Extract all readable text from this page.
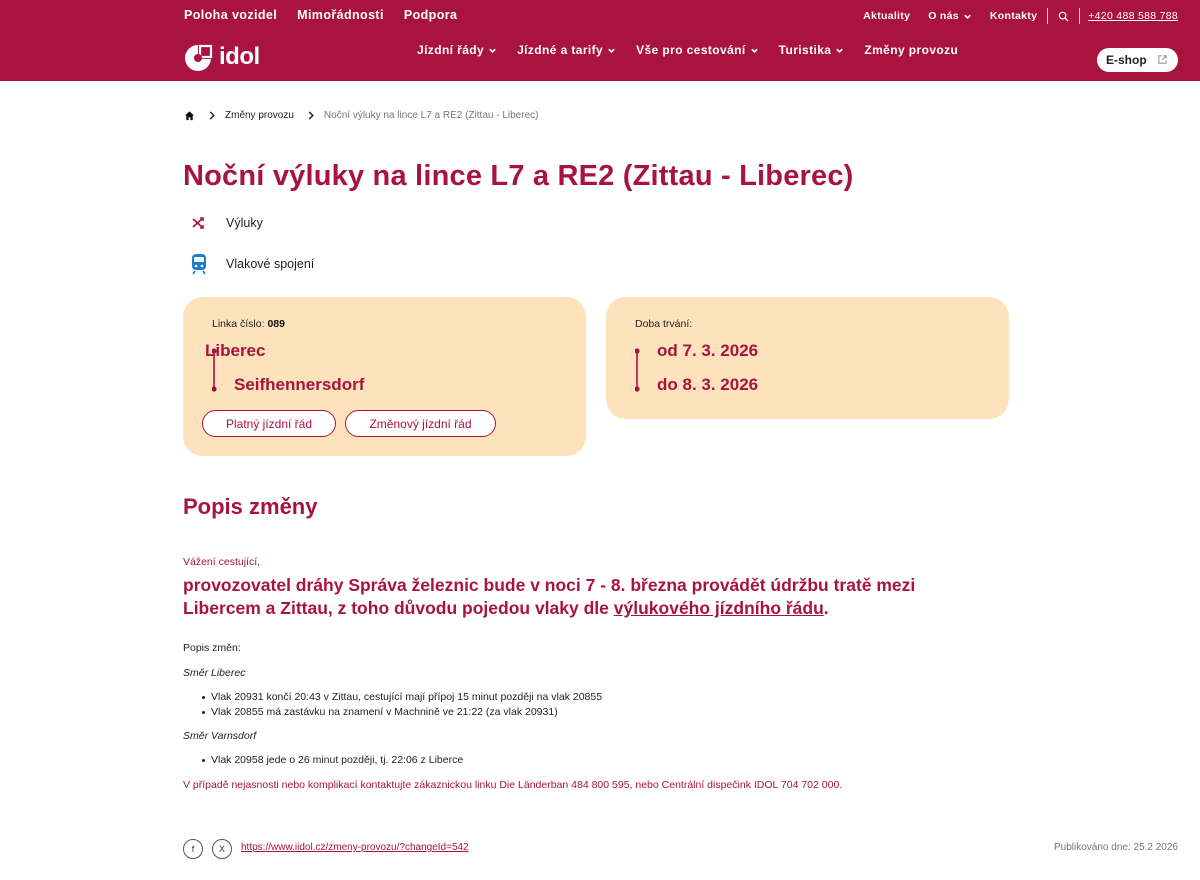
Poloha vozidel Mimořádnosti Podpora	Aktuality O nás	Kontakty	+420 488 588 788
idol	Jízdní řády	Jízdné a tarify	Vše pro cestování	Turistika	Změny provozu
E-shop
Změny provozu	Noční výluky na lince L7 a RE2 (Zittau - Liberec)
Noční výluky na lince L7 a RE2 (Zittau - Liberec)
Výluky
Vlakové spojení
Linka číslo: 089
Liberec
Seifhennersdorf
Platný jízdní řád	Změnový jízdní řád
Doba trvání:
od 7. 3. 2026
do 8. 3. 2026
Popis změny
Vážení cestující,
provozovatel dráhy Správa železnic bude v noci 7 - 8. března provádět údržbu tratě mezi Libercem a Zittau, z toho důvodu pojedou vlaky dle výlukového jízdního řádu.
Popis změn:
Směr Liberec
Vlak 20931 končí 20:43 v Zittau, cestující mají přípoj 15 minut později na vlak 20855
Vlak 20855 má zastávku na znamení v Machnině ve 21:22 (za vlak 20931)
Směr Varnsdorf
Vlak 20958 jede o 26 minut později, tj. 22:06 z Liberce
V případě nejasnosti nebo komplikací kontaktujte zákaznickou linku Die Länderban 484 800 595, nebo Centrální dispečink IDOL 704 702 000.
f	X	https://www.iidol.cz/zmeny-provozu/?changeId=542	Publikováno dne: 25.2 2026
